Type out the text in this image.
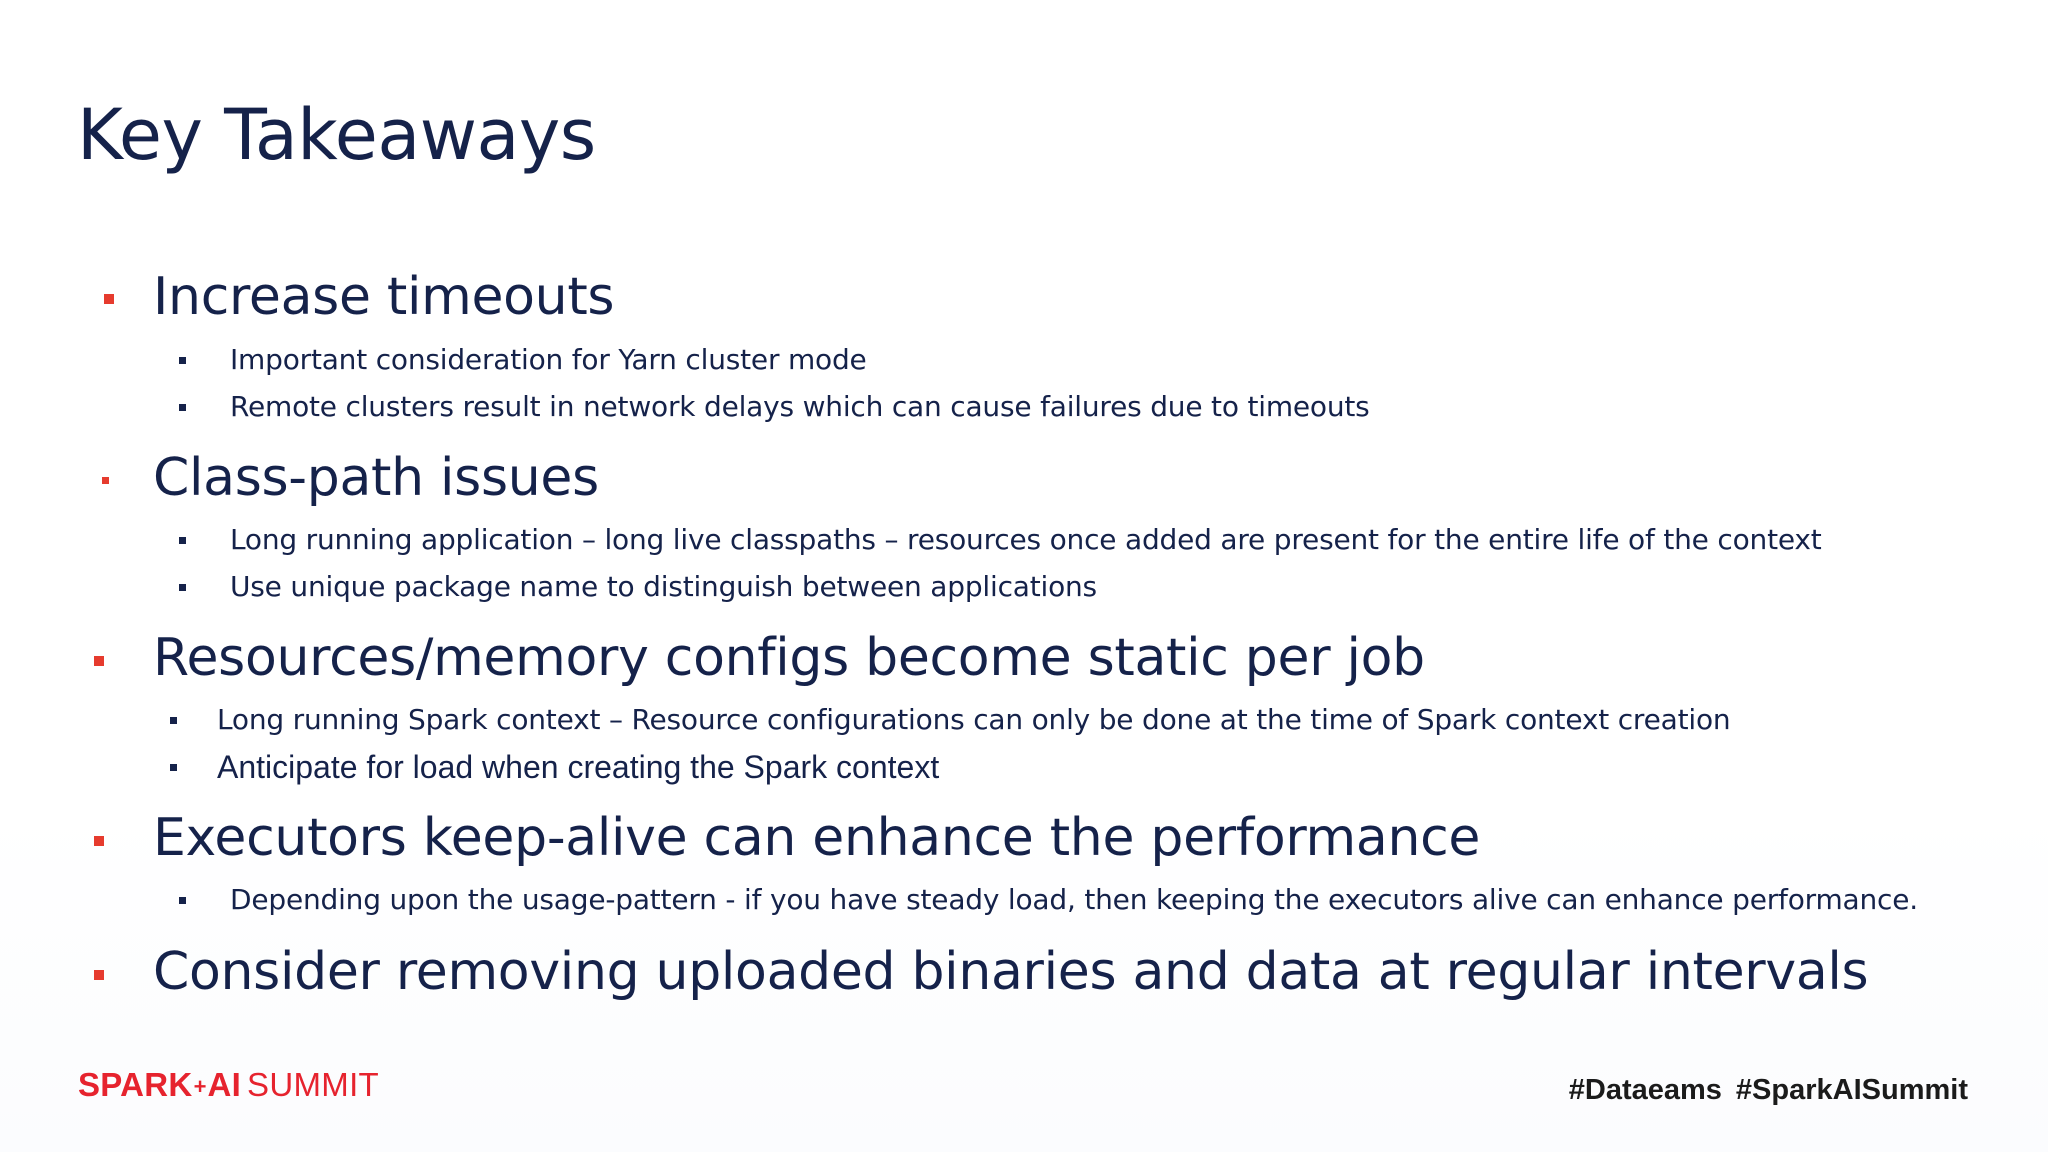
Key Takeaways
Increase timeouts
Important consideration for Yarn cluster mode
Remote clusters result in network delays which can cause failures due to timeouts
Class-path issues
Long running application – long live classpaths – resources once added are present for the entire life of the context
Use unique package name to distinguish between applications
Resources/memory configs become static per job
Long running Spark context – Resource configurations can only be done at the time of Spark context creation
Anticipate for load when creating the Spark context
Executors keep-alive can enhance the performance
Depending upon the usage-pattern - if you have steady load, then keeping the executors alive can enhance performance.
Consider removing uploaded binaries and data at regular intervals
SPARK + AI SUMMIT	#Dataeams #SparkAISummit
